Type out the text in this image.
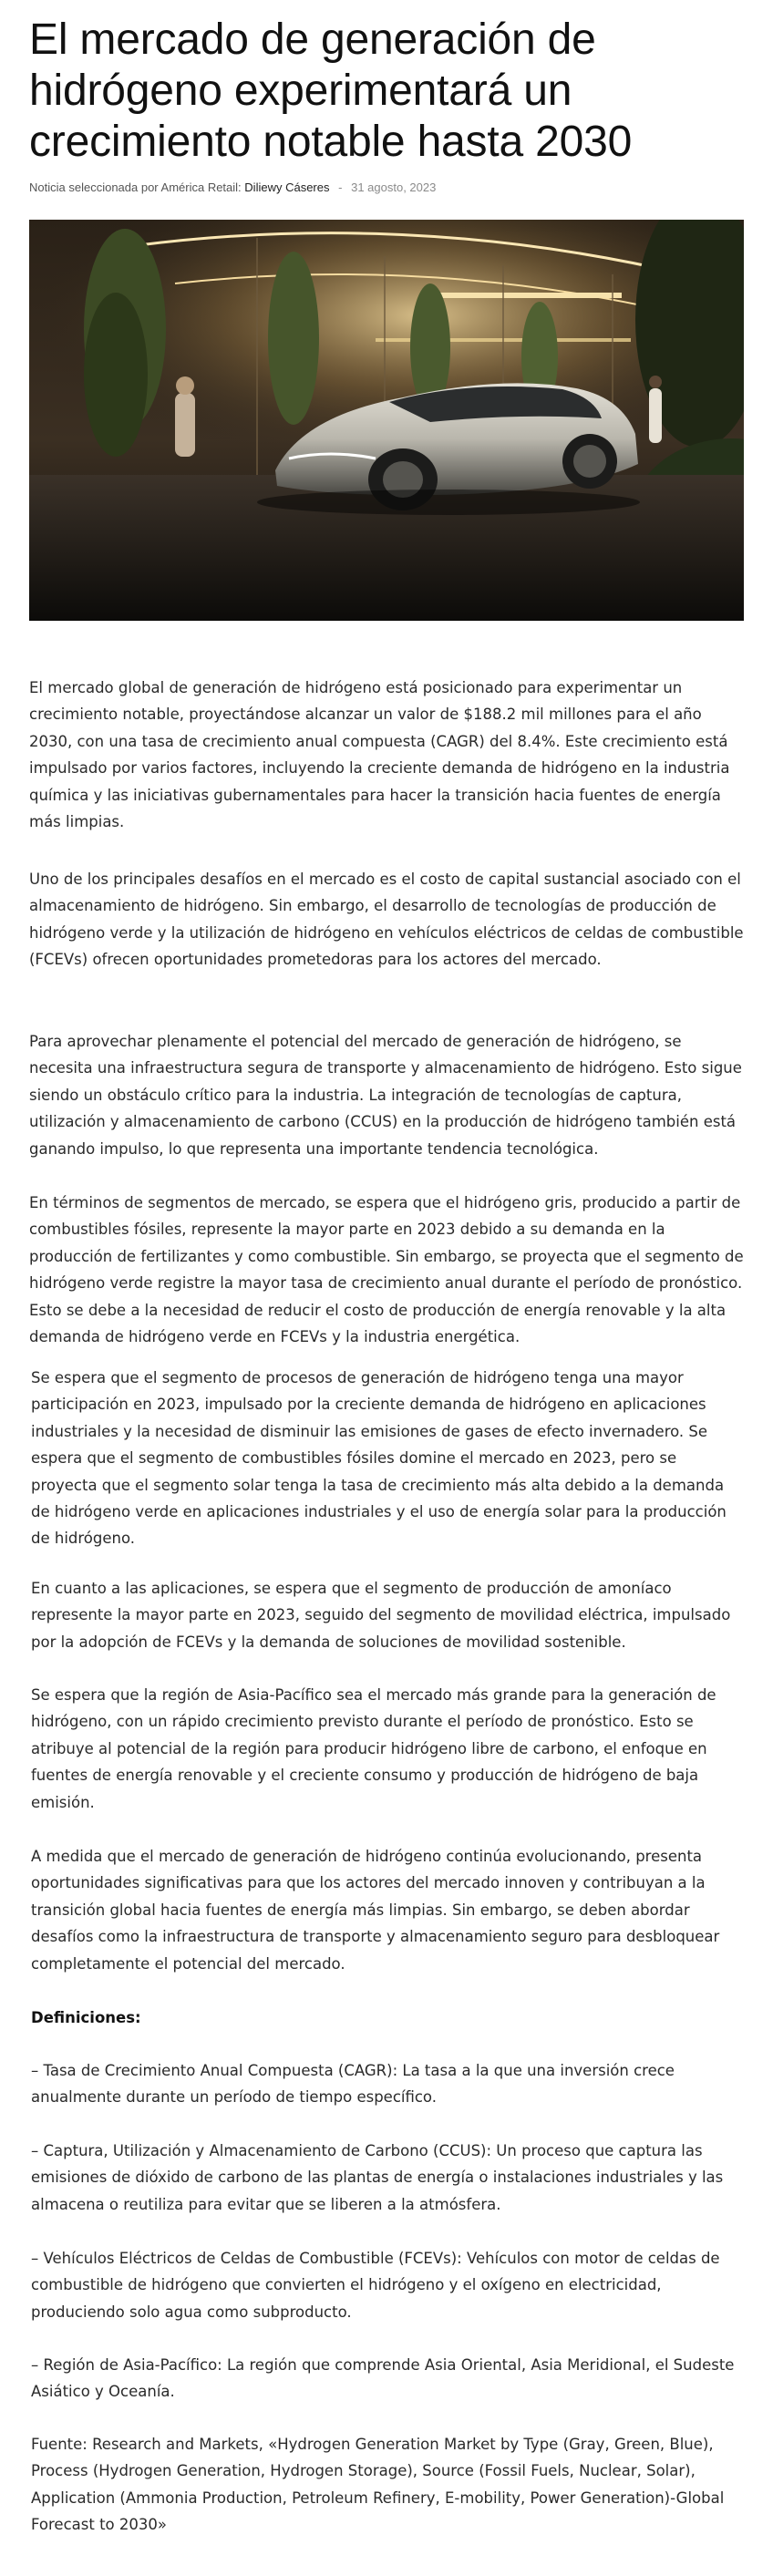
El mercado de generación de hidrógeno experimentará un crecimiento notable hasta 2030
Noticia seleccionada por América Retail: Diliewy Cáseres - 31 agosto, 2023

El mercado global de generación de hidrógeno está posicionado para experimentar un crecimiento notable, proyectándose alcanzar un valor de $188.2 mil millones para el año 2030, con una tasa de crecimiento anual compuesta (CAGR) del 8.4%. Este crecimiento está impulsado por varios factores, incluyendo la creciente demanda de hidrógeno en la industria química y las iniciativas gubernamentales para hacer la transición hacia fuentes de energía más limpias.

Uno de los principales desafíos en el mercado es el costo de capital sustancial asociado con el almacenamiento de hidrógeno. Sin embargo, el desarrollo de tecnologías de producción de hidrógeno verde y la utilización de hidrógeno en vehículos eléctricos de celdas de combustible (FCEVs) ofrecen oportunidades prometedoras para los actores del mercado.

Para aprovechar plenamente el potencial del mercado de generación de hidrógeno, se necesita una infraestructura segura de transporte y almacenamiento de hidrógeno. Esto sigue siendo un obstáculo crítico para la industria. La integración de tecnologías de captura, utilización y almacenamiento de carbono (CCUS) en la producción de hidrógeno también está ganando impulso, lo que representa una importante tendencia tecnológica.

En términos de segmentos de mercado, se espera que el hidrógeno gris, producido a partir de combustibles fósiles, represente la mayor parte en 2023 debido a su demanda en la producción de fertilizantes y como combustible. Sin embargo, se proyecta que el segmento de hidrógeno verde registre la mayor tasa de crecimiento anual durante el período de pronóstico. Esto se debe a la necesidad de reducir el costo de producción de energía renovable y la alta demanda de hidrógeno verde en FCEVs y la industria energética.

Se espera que el segmento de procesos de generación de hidrógeno tenga una mayor participación en 2023, impulsado por la creciente demanda de hidrógeno en aplicaciones industriales y la necesidad de disminuir las emisiones de gases de efecto invernadero. Se espera que el segmento de combustibles fósiles domine el mercado en 2023, pero se proyecta que el segmento solar tenga la tasa de crecimiento más alta debido a la demanda de hidrógeno verde en aplicaciones industriales y el uso de energía solar para la producción de hidrógeno.

En cuanto a las aplicaciones, se espera que el segmento de producción de amoníaco represente la mayor parte en 2023, seguido del segmento de movilidad eléctrica, impulsado por la adopción de FCEVs y la demanda de soluciones de movilidad sostenible.

Se espera que la región de Asia-Pacífico sea el mercado más grande para la generación de hidrógeno, con un rápido crecimiento previsto durante el período de pronóstico. Esto se atribuye al potencial de la región para producir hidrógeno libre de carbono, el enfoque en fuentes de energía renovable y el creciente consumo y producción de hidrógeno de baja emisión.

A medida que el mercado de generación de hidrógeno continúa evolucionando, presenta oportunidades significativas para que los actores del mercado innoven y contribuyan a la transición global hacia fuentes de energía más limpias. Sin embargo, se deben abordar desafíos como la infraestructura de transporte y almacenamiento seguro para desbloquear completamente el potencial del mercado.

Definiciones:

– Tasa de Crecimiento Anual Compuesta (CAGR): La tasa a la que una inversión crece anualmente durante un período de tiempo específico.

– Captura, Utilización y Almacenamiento de Carbono (CCUS): Un proceso que captura las emisiones de dióxido de carbono de las plantas de energía o instalaciones industriales y las almacena o reutiliza para evitar que se liberen a la atmósfera.

– Vehículos Eléctricos de Celdas de Combustible (FCEVs): Vehículos con motor de celdas de combustible de hidrógeno que convierten el hidrógeno y el oxígeno en electricidad, produciendo solo agua como subproducto.

– Región de Asia-Pacífico: La región que comprende Asia Oriental, Asia Meridional, el Sudeste Asiático y Oceanía.

Fuente: Research and Markets, «Hydrogen Generation Market by Type (Gray, Green, Blue), Process (Hydrogen Generation, Hydrogen Storage), Source (Fossil Fuels, Nuclear, Solar), Application (Ammonia Production, Petroleum Refinery, E-mobility, Power Generation)-Global Forecast to 2030»
